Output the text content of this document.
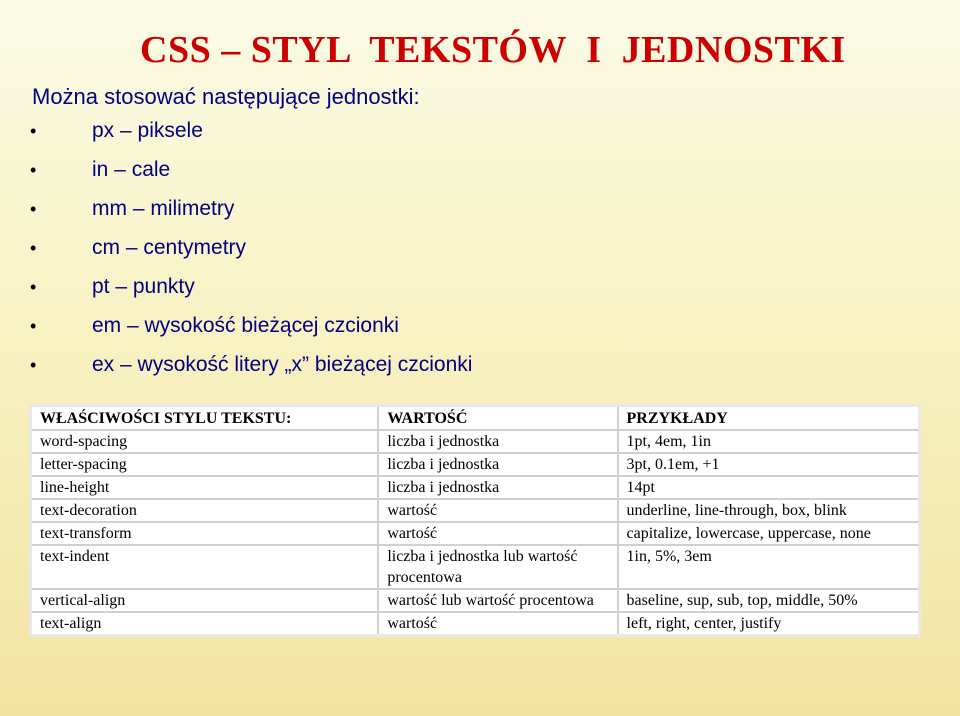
CSS – STYL  TEKSTÓW  I  JEDNOSTKI
Można stosować następujące jednostki:
•	px – piksele
•	in – cale
•	mm – milimetry
•	cm – centymetry
•	pt – punkty
•	em – wysokość bieżącej czcionki
•	ex – wysokość litery „x” bieżącej czcionki
WŁAŚCIWOŚCI STYLU TEKSTU:	WARTOŚĆ	PRZYKŁADY
word-spacing	liczba i jednostka	1pt, 4em, 1in
letter-spacing	liczba i jednostka	3pt, 0.1em, +1
line-height	liczba i jednostka	14pt
text-decoration	wartość	underline, line-through, box, blink
text-transform	wartość	capitalize, lowercase, uppercase, none
text-indent	liczba i jednostka lub wartość procentowa	1in, 5%, 3em
vertical-align	wartość lub wartość procentowa	baseline, sup, sub, top, middle, 50%
text-align	wartość	left, right, center, justify
